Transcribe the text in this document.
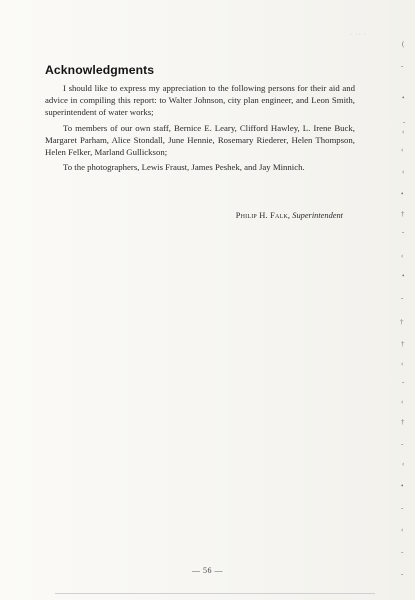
· ·· ·
Acknowledgments

I should like to express my appreciation to the following persons for their aid and advice in compiling this report: to Walter Johnson, city plan engineer, and Leon Smith, superintendent of water works;

To members of our own staff, Bernice E. Leary, Clifford Hawley, L. Irene Buck, Margaret Parham, Alice Stondall, June Hennie, Rosemary Riederer, Helen Thompson, Helen Felker, Marland Gullickson;

To the photographers, Lewis Fraust, James Peshek, and Jay Minnich.

Philip H. Falk, Superintendent
— 56 —
(
-
•
-
‹
‹
‹
•
†
-
‹
•
-
†
†
‹
-
‹
†
-
‹
•
-
‹
-
-
